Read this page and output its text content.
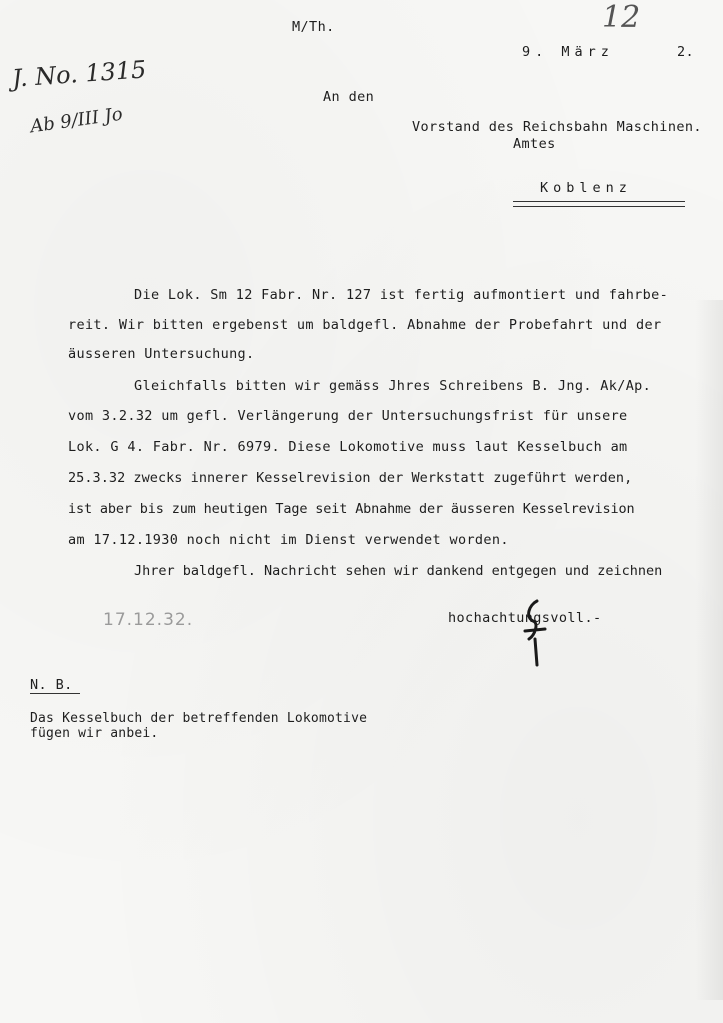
M/Th.
9. März	2.
12
J. No. 1315
Ab 9/III Jo
An den
Vorstand des Reichsbahn Maschinen.
Amtes
Koblenz
Die Lok. Sm 12 Fabr. Nr. 127 ist fertig aufmontiert und fahrbe-
reit. Wir bitten ergebenst um baldgefl. Abnahme der Probefahrt und der
äusseren Untersuchung.
Gleichfalls bitten wir gemäss Jhres Schreibens B. Jng. Ak/Ap.
vom 3.2.32 um gefl. Verlängerung der Untersuchungsfrist für unsere
Lok. G 4. Fabr. Nr. 6979. Diese Lokomotive muss laut Kesselbuch am
25.3.32 zwecks innerer Kesselrevision der Werkstatt zugeführt werden,
ist aber bis zum heutigen Tage seit Abnahme der äusseren Kesselrevision
am 17.12.1930 noch nicht im Dienst verwendet worden.
Jhrer baldgefl. Nachricht sehen wir dankend entgegen und zeichnen
17.12.32.	hochachtungsvoll.-
N. B.
Das Kesselbuch der betreffenden Lokomotive
fügen wir anbei.
